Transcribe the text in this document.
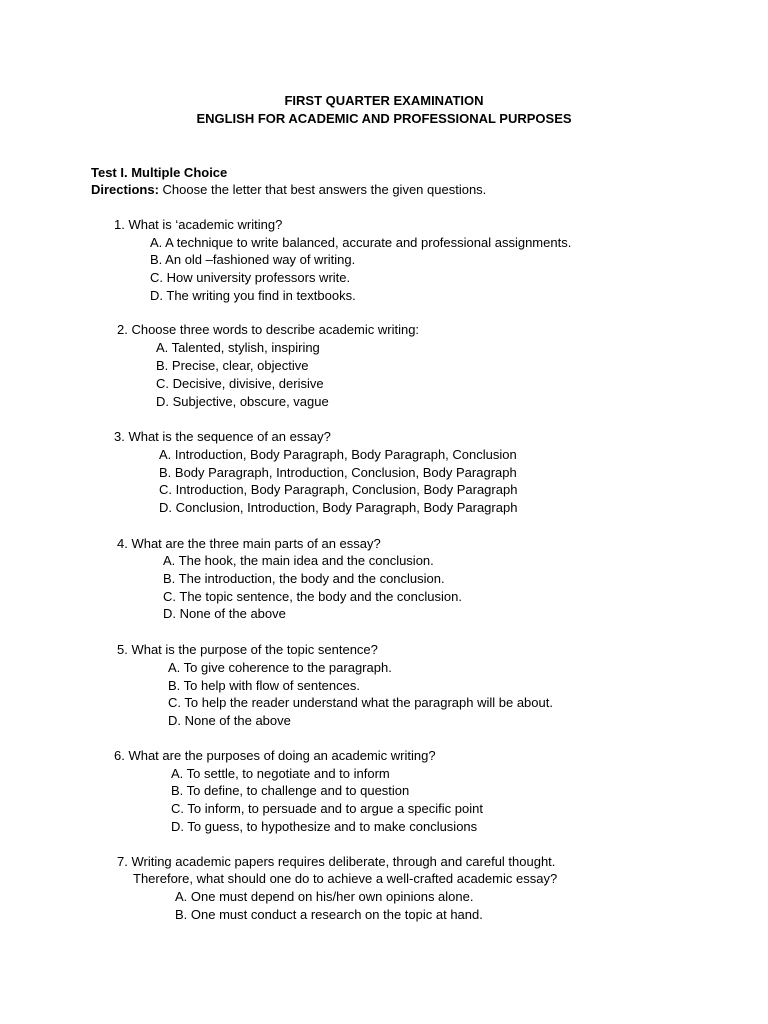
FIRST QUARTER EXAMINATION
ENGLISH FOR ACADEMIC AND PROFESSIONAL PURPOSES
Test I. Multiple Choice
Directions: Choose the letter that best answers the given questions.
1. What is ‘academic writing?
A. A technique to write balanced, accurate and professional assignments.
B. An old –fashioned way of writing.
C. How university professors write.
D. The writing you find in textbooks.
2. Choose three words to describe academic writing:
A. Talented, stylish, inspiring
B. Precise, clear, objective
C. Decisive, divisive, derisive
D. Subjective, obscure, vague
3. What is the sequence of an essay?
A. Introduction, Body Paragraph, Body Paragraph, Conclusion
B. Body Paragraph, Introduction, Conclusion, Body Paragraph
C. Introduction, Body Paragraph, Conclusion, Body Paragraph
D. Conclusion, Introduction, Body Paragraph, Body Paragraph
4. What are the three main parts of an essay?
A. The hook, the main idea and the conclusion.
B. The introduction, the body and the conclusion.
C. The topic sentence, the body and the conclusion.
D. None of the above
5. What is the purpose of the topic sentence?
A. To give coherence to the paragraph.
B. To help with flow of sentences.
C. To help the reader understand what the paragraph will be about.
D. None of the above
6. What are the purposes of doing an academic writing?
A. To settle, to negotiate and to inform
B. To define, to challenge and to question
C. To inform, to persuade and to argue a specific point
D. To guess, to hypothesize and to make conclusions
7. Writing academic papers requires deliberate, through and careful thought.
Therefore, what should one do to achieve a well-crafted academic essay?
A. One must depend on his/her own opinions alone.
B. One must conduct a research on the topic at hand.
